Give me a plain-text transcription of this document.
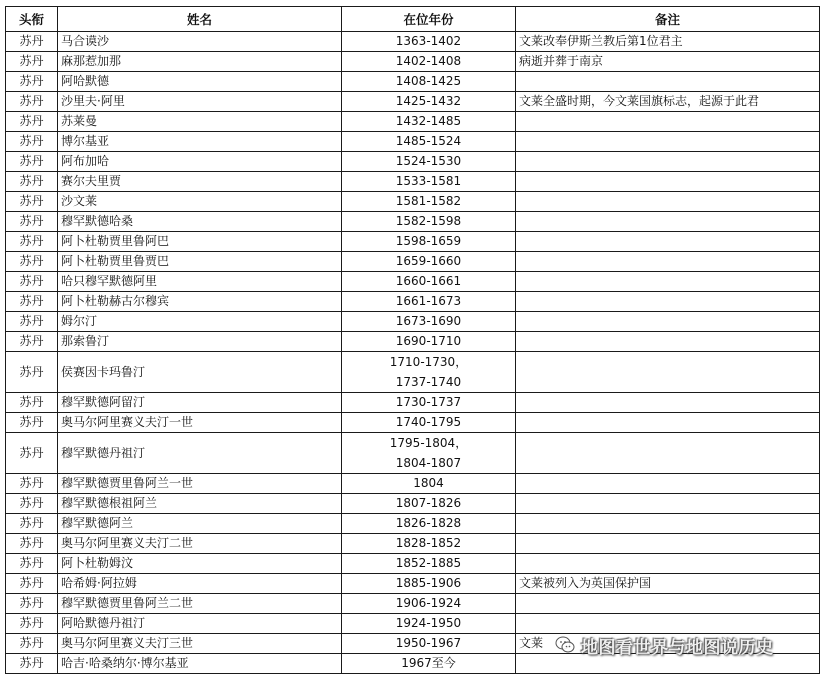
头衔	姓名	在位年份	备注
苏丹	马合谟沙	1363-1402	文莱改奉伊斯兰教后第1位君主
苏丹	麻那惹加那	1402-1408	病逝并葬于南京
苏丹	阿哈默德	1408-1425	
苏丹	沙里夫·阿里	1425-1432	文莱全盛时期，今文莱国旗标志，起源于此君
苏丹	苏莱曼	1432-1485	
苏丹	博尔基亚	1485-1524	
苏丹	阿布加哈	1524-1530	
苏丹	赛尔夫里贾	1533-1581	
苏丹	沙文莱	1581-1582	
苏丹	穆罕默德哈桑	1582-1598	
苏丹	阿卜杜勒贾里鲁阿巴	1598-1659	
苏丹	阿卜杜勒贾里鲁贾巴	1659-1660	
苏丹	哈只穆罕默德阿里	1660-1661	
苏丹	阿卜杜勒赫古尔穆宾	1661-1673	
苏丹	姆尔汀	1673-1690	
苏丹	那索鲁汀	1690-1710	
苏丹	侯赛因卡玛鲁汀	1710-1730，
1737-1740	

苏丹	穆罕默德阿留汀	1730-1737	
苏丹	奥马尔阿里赛义夫汀一世	1740-1795	
苏丹	穆罕默德丹祖汀	1795-1804，
1804-1807	

苏丹	穆罕默德贾里鲁阿兰一世	1804	
苏丹	穆罕默德根祖阿兰	1807-1826	
苏丹	穆罕默德阿兰	1826-1828	
苏丹	奥马尔阿里赛义夫汀二世	1828-1852	
苏丹	阿卜杜勒姆汶	1852-1885	
苏丹	哈希姆·阿拉姆	1885-1906	文莱被列入为英国保护国
苏丹	穆罕默德贾里鲁阿兰二世	1906-1924	
苏丹	阿哈默德丹祖汀	1924-1950	
苏丹	奥马尔阿里赛义夫汀三世	1950-1967	文莱
苏丹	哈吉·哈桑纳尔·博尔基亚	1967至今	
地图看世界与地图说历史
